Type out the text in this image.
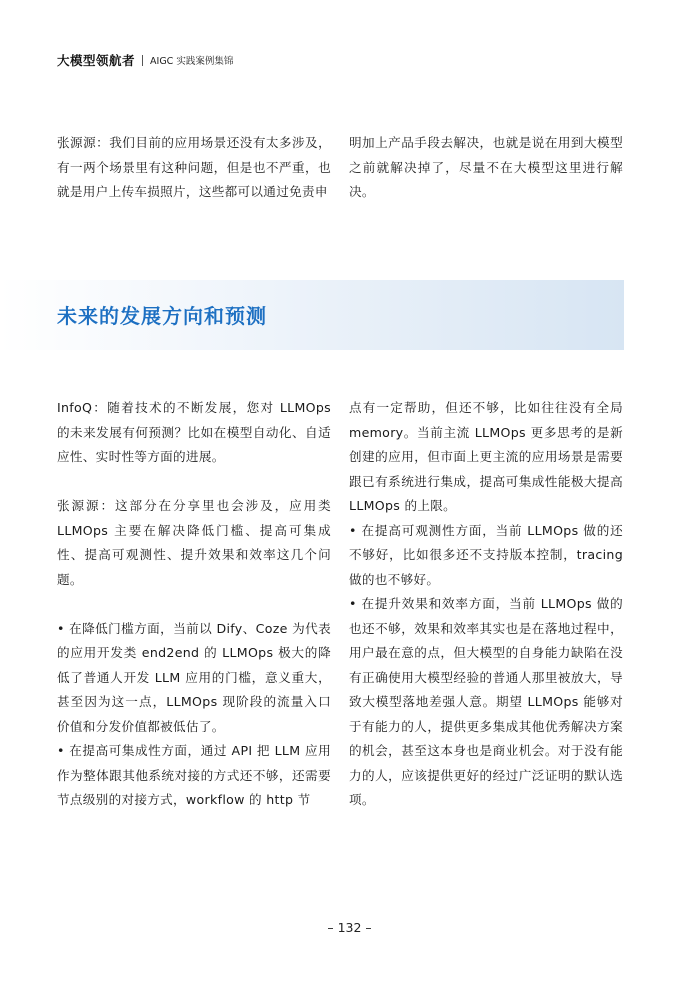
大模型领航者 AIGC 实践案例集锦

张源源：我们目前的应用场景还没有太多涉及，有一两个场景里有这种问题，但是也不严重，也就是用户上传车损照片，这些都可以通过免责申

明加上产品手段去解决，也就是说在用到大模型之前就解决掉了，尽量不在大模型这里进行解决。

未来的发展方向和预测

InfoQ：随着技术的不断发展，您对 LLMOps 的未来发展有何预测？比如在模型自动化、自适应性、实时性等方面的进展。

张源源：这部分在分享里也会涉及，应用类 LLMOps 主要在解决降低门槛、提高可集成性、提高可观测性、提升效果和效率这几个问题。

• 在降低门槛方面，当前以 Dify、Coze 为代表的应用开发类 end2end 的 LLMOps 极大的降低了普通人开发 LLM 应用的门槛，意义重大，甚至因为这一点，LLMOps 现阶段的流量入口价值和分发价值都被低估了。

• 在提高可集成性方面，通过 API 把 LLM 应用作为整体跟其他系统对接的方式还不够，还需要节点级别的对接方式，workflow 的 http 节

点有一定帮助，但还不够，比如往往没有全局 memory。当前主流 LLMOps 更多思考的是新创建的应用，但市面上更主流的应用场景是需要跟已有系统进行集成，提高可集成性能极大提高 LLMOps 的上限。

• 在提高可观测性方面，当前 LLMOps 做的还不够好，比如很多还不支持版本控制，tracing 做的也不够好。

• 在提升效果和效率方面，当前 LLMOps 做的也还不够，效果和效率其实也是在落地过程中，用户最在意的点，但大模型的自身能力缺陷在没有正确使用大模型经验的普通人那里被放大，导致大模型落地差强人意。期望 LLMOps 能够对于有能力的人，提供更多集成其他优秀解决方案的机会，甚至这本身也是商业机会。对于没有能力的人，应该提供更好的经过广泛证明的默认选项。

– 132 –
